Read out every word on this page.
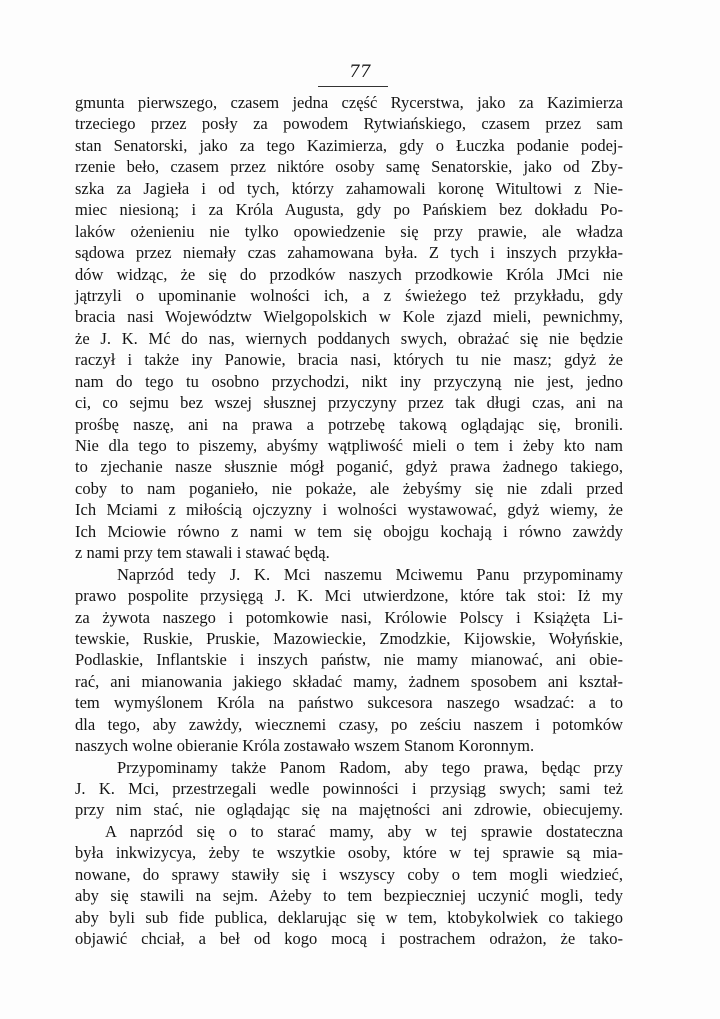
77
gmunta pierwszego, czasem jedna część Rycerstwa, jako za Kazimierza
trzeciego przez posły za powodem Rytwiańskiego, czasem przez sam
stan Senatorski, jako za tego Kazimierza, gdy o Łuczka podanie podej-
rzenie beło, czasem przez niktóre osoby samę Senatorskie, jako od Zby-
szka za Jagieła i od tych, którzy zahamowali koronę Witultowi z Nie-
miec niesioną; i za Króla Augusta, gdy po Pańskiem bez dokładu Po-
laków ożenieniu nie tylko opowiedzenie się przy prawie, ale władza
sądowa przez niemały czas zahamowana była. Z tych i inszych przykła-
dów widząc, że się do przodków naszych przodkowie Króla JMci nie
jątrzyli o upominanie wolności ich, a z świeżego też przykładu, gdy
bracia nasi Województw Wielgopolskich w Kole zjazd mieli, pewnichmy,
że J. K. Mć do nas, wiernych poddanych swych, obrażać się nie będzie
raczył i także iny Panowie, bracia nasi, których tu nie masz; gdyż że
nam do tego tu osobno przychodzi, nikt iny przyczyną nie jest, jedno
ci, co sejmu bez wszej słusznej przyczyny przez tak długi czas, ani na
prośbę naszę, ani na prawa a potrzebę takową oglądając się, bronili.
Nie dla tego to piszemy, abyśmy wątpliwość mieli o tem i żeby kto nam
to zjechanie nasze słusznie mógł poganić, gdyż prawa żadnego takiego,
coby to nam poganieło, nie pokaże, ale żebyśmy się nie zdali przed
Ich Mciami z miłością ojczyzny i wolności wystawować, gdyż wiemy, że
Ich Mciowie równo z nami w tem się obojgu kochają i równo zawżdy
z nami przy tem stawali i stawać będą.
Naprzód tedy J. K. Mci naszemu Mciwemu Panu przypominamy
prawo pospolite przysięgą J. K. Mci utwierdzone, które tak stoi: Iż my
za żywota naszego i potomkowie nasi, Królowie Polscy i Książęta Li-
tewskie, Ruskie, Pruskie, Mazowieckie, Zmodzkie, Kijowskie, Wołyńskie,
Podlaskie, Inflantskie i inszych państw, nie mamy mianować, ani obie-
rać, ani mianowania jakiego składać mamy, żadnem sposobem ani kształ-
tem wymyślonem Króla na państwo sukcesora naszego wsadzać: a to
dla tego, aby zawżdy, wiecznemi czasy, po ześciu naszem i potomków
naszych wolne obieranie Króla zostawało wszem Stanom Koronnym.
Przypominamy także Panom Radom, aby tego prawa, będąc przy
J. K. Mci, przestrzegali wedle powinności i przysiąg swych; sami też
przy nim stać, nie oglądając się na majętności ani zdrowie, obiecujemy.
A naprzód się o to starać mamy, aby w tej sprawie dostateczna
była inkwizycya, żeby te wszytkie osoby, które w tej sprawie są mia-
nowane, do sprawy stawiły się i wszyscy coby o tem mogli wiedzieć,
aby się stawili na sejm. Ażeby to tem bezpieczniej uczynić mogli, tedy
aby byli sub fide publica, deklarując się w tem, ktobykolwiek co takiego
objawić chciał, a beł od kogo mocą i postrachem odrażon, że tako-
